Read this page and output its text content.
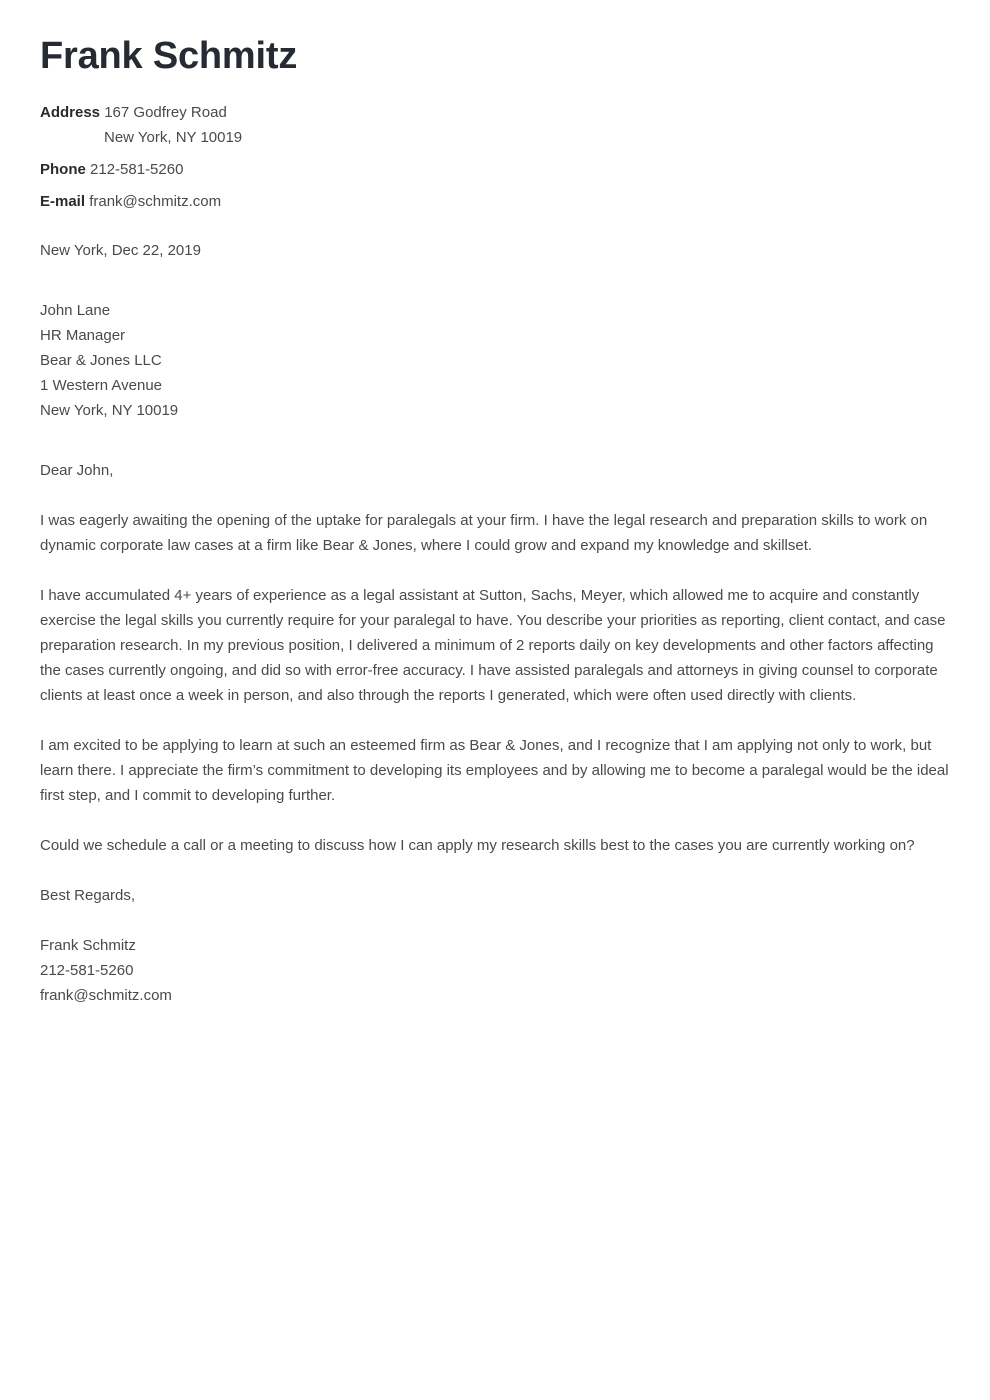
Frank Schmitz
Address 167 Godfrey Road
New York, NY 10019
Phone 212-581-5260
E-mail frank@schmitz.com
New York, Dec 22, 2019
John Lane
HR Manager
Bear & Jones LLC
1 Western Avenue
New York, NY 10019
Dear John,

I was eagerly awaiting the opening of the uptake for paralegals at your firm. I have the legal research and preparation skills to work on dynamic corporate law cases at a firm like Bear & Jones, where I could grow and expand my knowledge and skillset.

I have accumulated 4+ years of experience as a legal assistant at Sutton, Sachs, Meyer, which allowed me to acquire and constantly exercise the legal skills you currently require for your paralegal to have. You describe your priorities as reporting, client contact, and case preparation research. In my previous position, I delivered a minimum of 2 reports daily on key developments and other factors affecting the cases currently ongoing, and did so with error-free accuracy. I have assisted paralegals and attorneys in giving counsel to corporate clients at least once a week in person, and also through the reports I generated, which were often used directly with clients.

I am excited to be applying to learn at such an esteemed firm as Bear & Jones, and I recognize that I am applying not only to work, but learn there. I appreciate the firm’s commitment to developing its employees and by allowing me to become a paralegal would be the ideal first step, and I commit to developing further.

Could we schedule a call or a meeting to discuss how I can apply my research skills best to the cases you are currently working on?

Best Regards,
Frank Schmitz
212-581-5260
frank@schmitz.com
